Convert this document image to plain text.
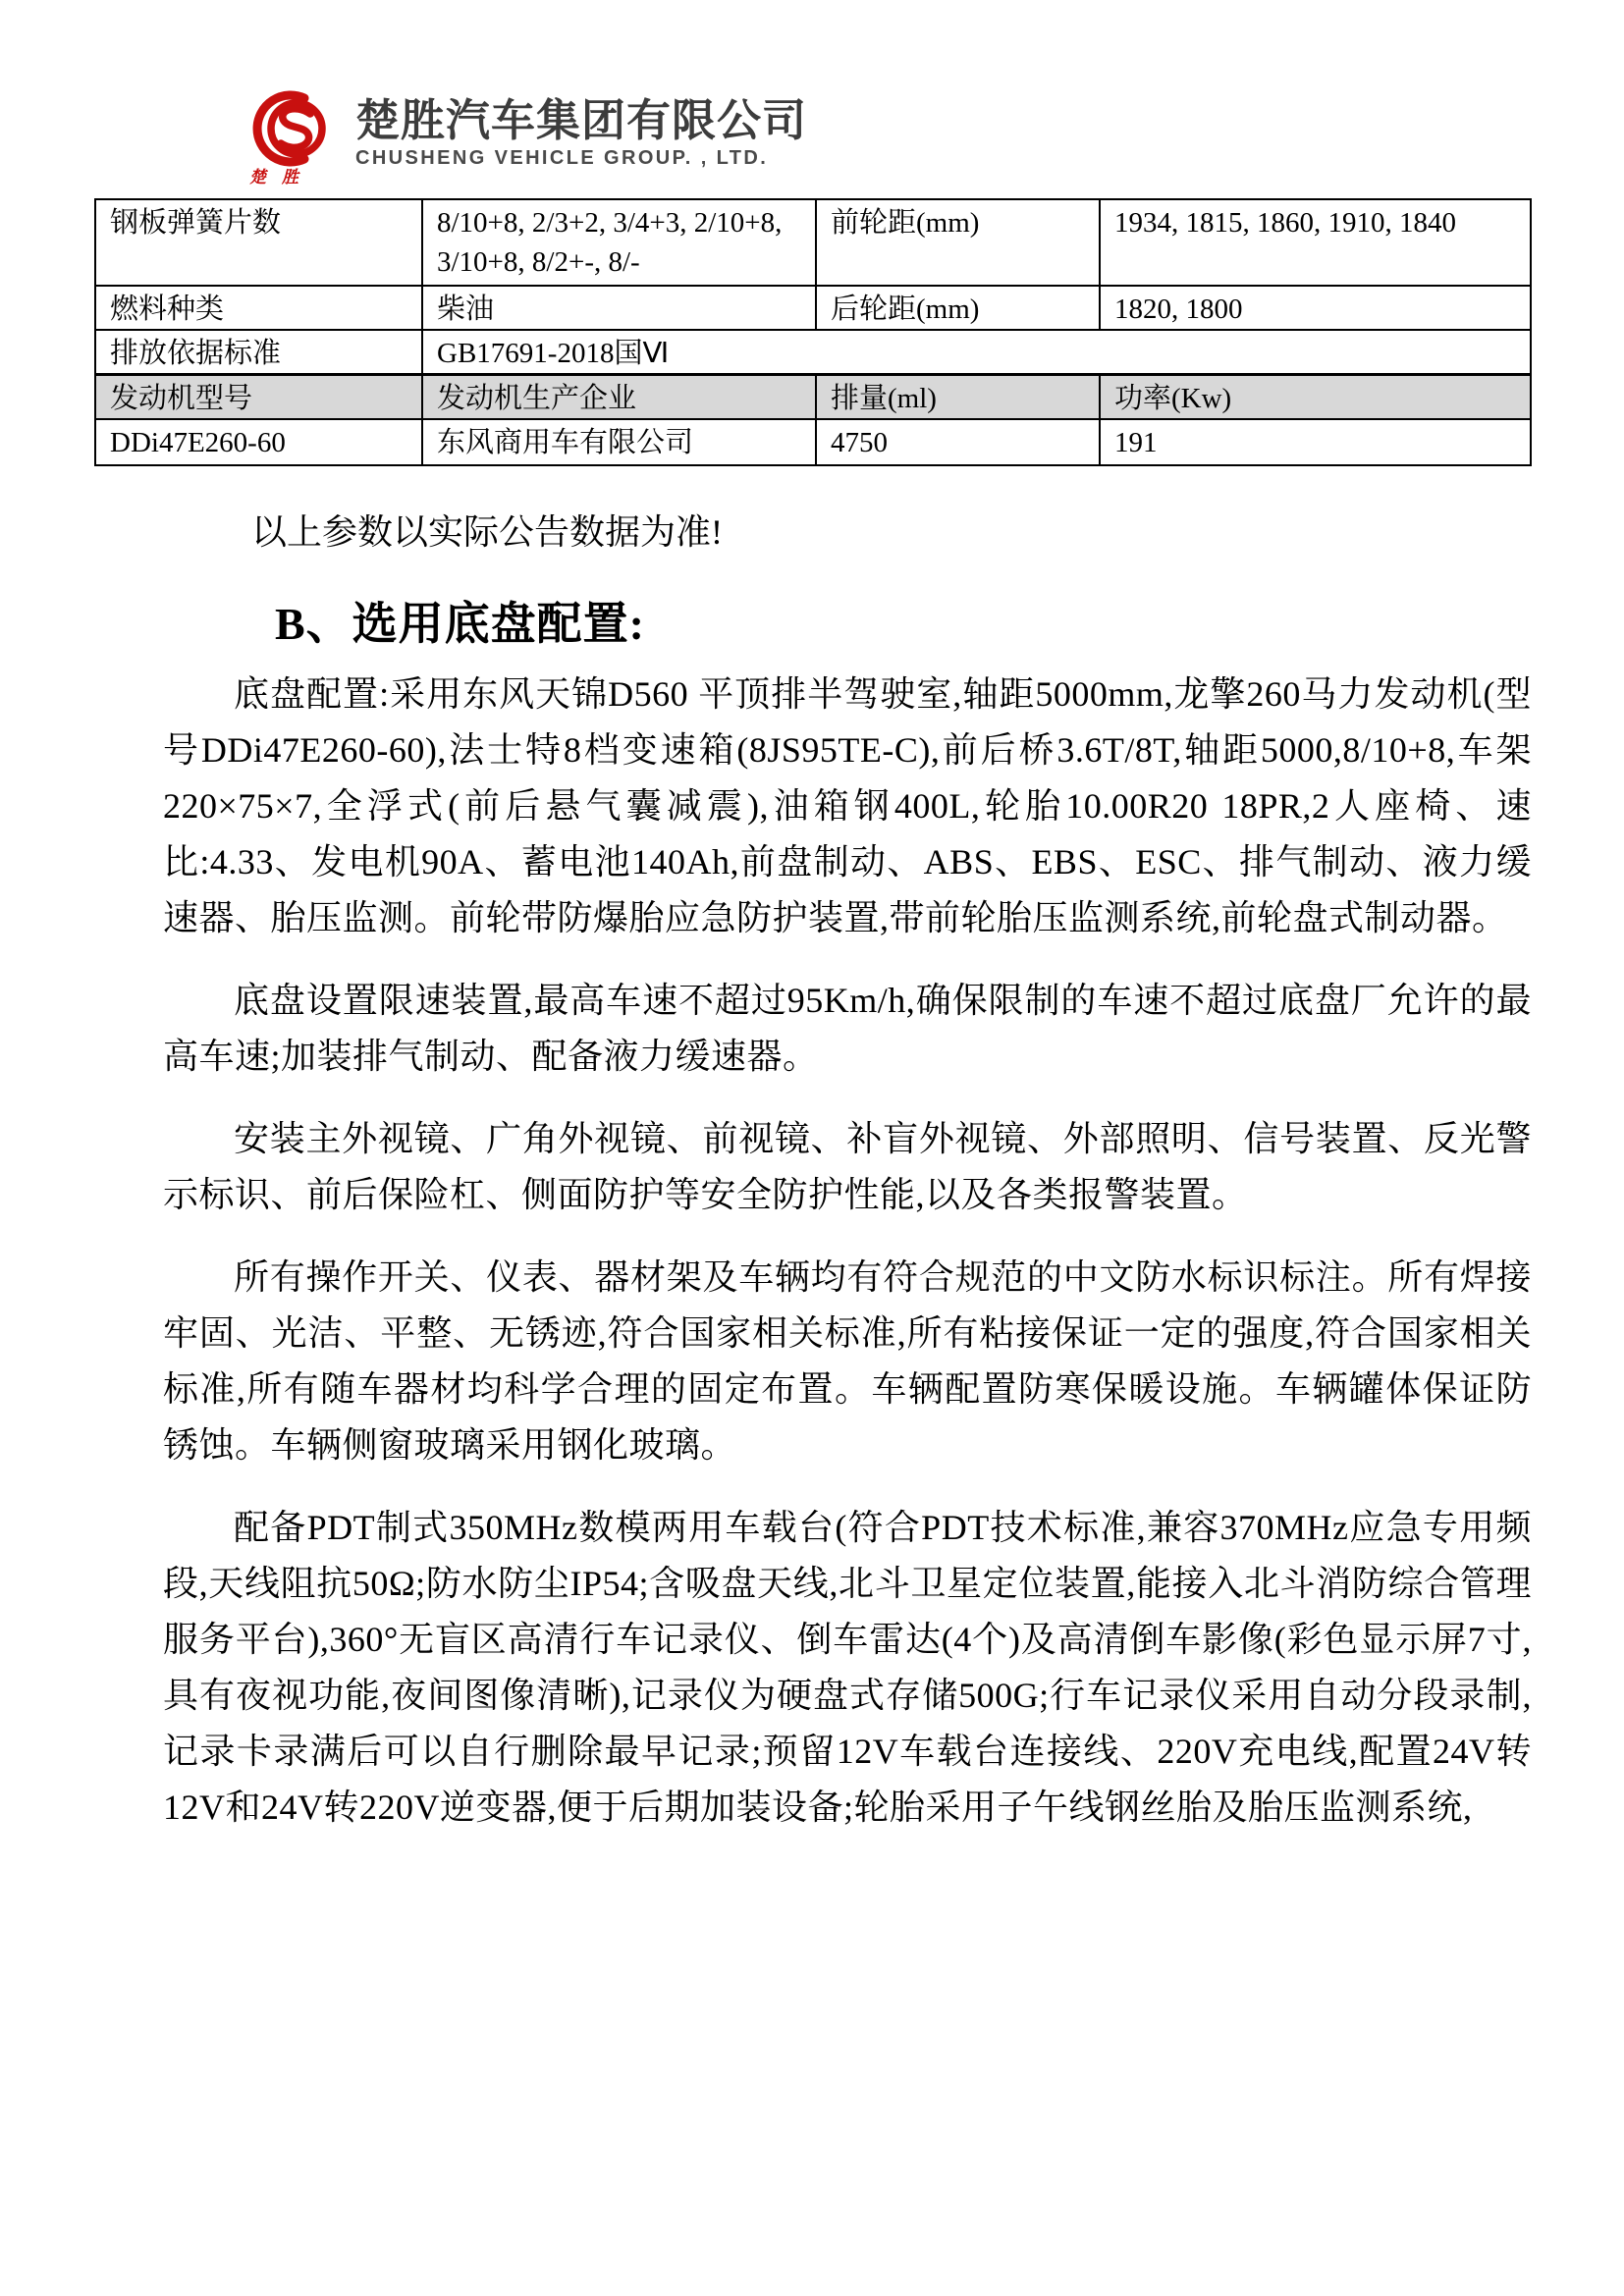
楚胜
楚胜汽车集团有限公司
CHUSHENG VEHICLE GROUP. , LTD.
钢板弹簧片数	8/10+8, 2/3+2, 3/4+3, 2/10+8, 3/10+8, 8/2+-, 8/-	前轮距(mm)	1934, 1815, 1860, 1910, 1840
燃料种类	柴油	后轮距(mm)	1820, 1800
排放依据标准	GB17691-2018国Ⅵ		
发动机型号	发动机生产企业	排量(ml)	功率(Kw)
DDi47E260-60	东风商用车有限公司	4750	191

以上参数以实际公告数据为准!

B、选用底盘配置:

底盘配置:采用东风天锦D560 平顶排半驾驶室,轴距5000mm,龙擎260马力发动机(型号DDi47E260-60),法士特8档变速箱(8JS95TE-C),前后桥3.6T/8T,轴距5000,8/10+8,车架220×75×7,全浮式(前后悬气囊减震),油箱钢400L,轮胎10.00R20 18PR,2人座椅、速比:4.33、发电机90A、蓄电池140Ah,前盘制动、ABS、EBS、ESC、排气制动、液力缓速器、胎压监测。前轮带防爆胎应急防护装置,带前轮胎压监测系统,前轮盘式制动器。

底盘设置限速装置,最高车速不超过95Km/h,确保限制的车速不超过底盘厂允许的最高车速;加装排气制动、配备液力缓速器。

安装主外视镜、广角外视镜、前视镜、补盲外视镜、外部照明、信号装置、反光警示标识、前后保险杠、侧面防护等安全防护性能,以及各类报警装置。

所有操作开关、仪表、器材架及车辆均有符合规范的中文防水标识标注。所有焊接牢固、光洁、平整、无锈迹,符合国家相关标准,所有粘接保证一定的强度,符合国家相关标准,所有随车器材均科学合理的固定布置。车辆配置防寒保暖设施。车辆罐体保证防锈蚀。车辆侧窗玻璃采用钢化玻璃。

配备PDT制式350MHz数模两用车载台(符合PDT技术标准,兼容370MHz应急专用频段,天线阻抗50Ω;防水防尘IP54;含吸盘天线,北斗卫星定位装置,能接入北斗消防综合管理服务平台),360°无盲区高清行车记录仪、倒车雷达(4个)及高清倒车影像(彩色显示屏7寸,具有夜视功能,夜间图像清晰),记录仪为硬盘式存储500G;行车记录仪采用自动分段录制,记录卡录满后可以自行删除最早记录;预留12V车载台连接线、220V充电线,配置24V转12V和24V转220V逆变器,便于后期加装设备;轮胎采用子午线钢丝胎及胎压监测系统,
